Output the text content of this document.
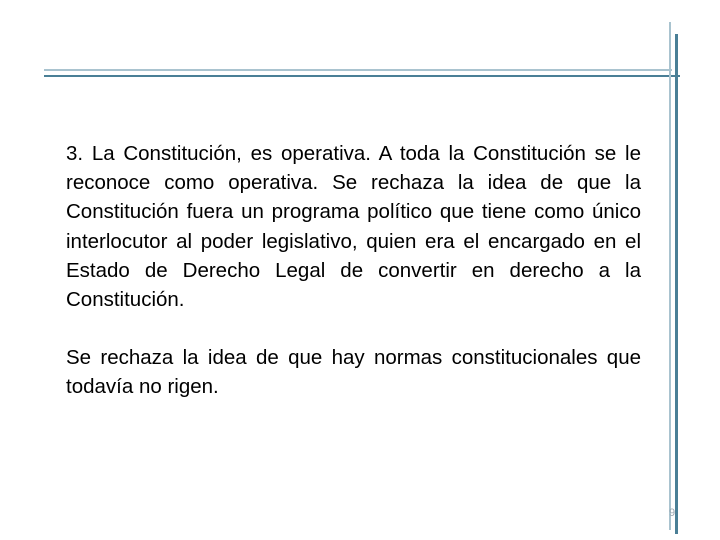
3. La Constitución, es operativa. A toda la Constitución se le reconoce como operativa. Se rechaza la idea de que la Constitución fuera un programa político que tiene como único interlocutor al poder legislativo, quien era el encargado en el Estado de Derecho Legal de convertir en derecho a la Constitución.

Se rechaza la idea de que hay normas constitucionales que todavía no rigen.

9
